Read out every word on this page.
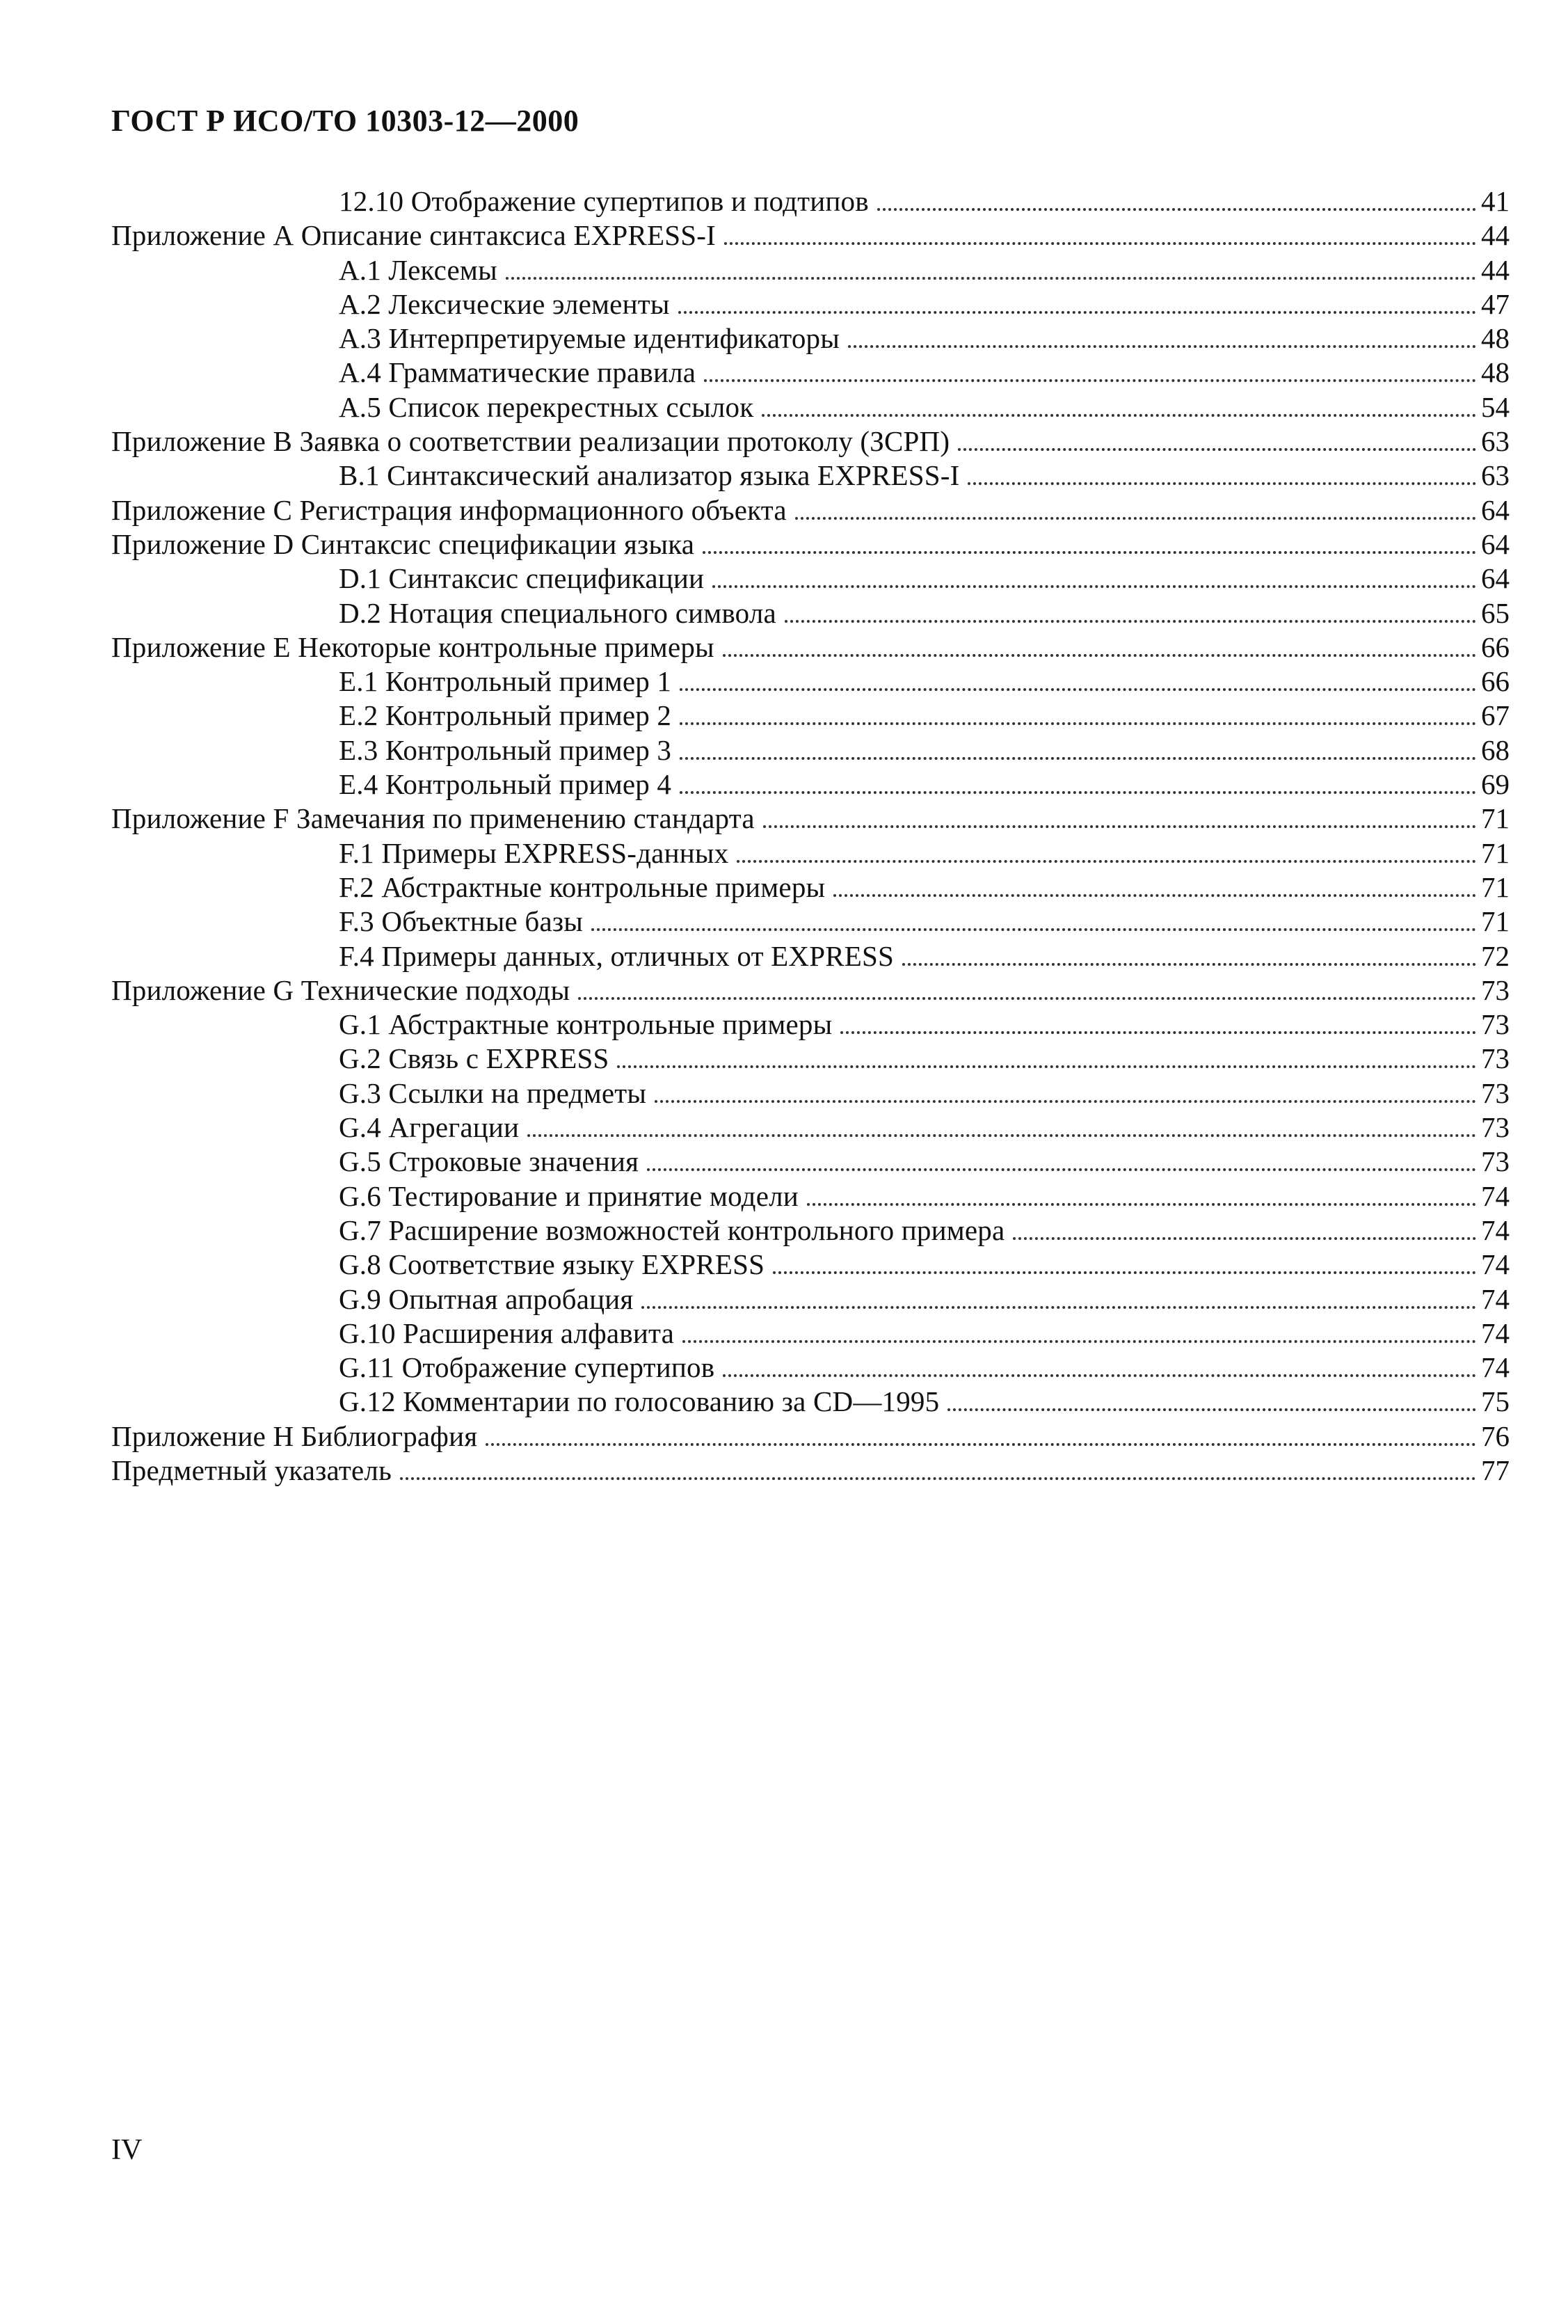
ГОСТ Р ИСО/ТО 10303-12—2000
12.10 Отображение супертипов и подтипов	41
Приложение А Описание синтаксиса EXPRESS-I	44
А.1 Лексемы	44
А.2 Лексические элементы	47
А.3 Интерпретируемые идентификаторы	48
А.4 Грамматические правила	48
А.5 Список перекрестных ссылок	54
Приложение В Заявка о соответствии реализации протоколу (ЗСРП)	63
В.1 Синтаксический анализатор языка EXPRESS-I	63
Приложение С Регистрация информационного объекта	64
Приложение D Синтаксис спецификации языка	64
D.1 Синтаксис спецификации	64
D.2 Нотация специального символа	65
Приложение Е Некоторые контрольные примеры	66
Е.1 Контрольный пример 1	66
Е.2 Контрольный пример 2	67
Е.3 Контрольный пример 3	68
Е.4 Контрольный пример 4	69
Приложение F Замечания по применению стандарта	71
F.1 Примеры EXPRESS-данных	71
F.2 Абстрактные контрольные примеры	71
F.3 Объектные базы	71
F.4 Примеры данных, отличных от EXPRESS	72
Приложение G Технические подходы	73
G.1 Абстрактные контрольные примеры	73
G.2 Связь с EXPRESS	73
G.3 Ссылки на предметы	73
G.4 Агрегации	73
G.5 Строковые значения	73
G.6 Тестирование и принятие модели	74
G.7 Расширение возможностей контрольного примера	74
G.8 Соответствие языку EXPRESS	74
G.9 Опытная апробация	74
G.10 Расширения алфавита	74
G.11 Отображение супертипов	74
G.12 Комментарии по голосованию за CD—1995	75
Приложение Н Библиография	76
Предметный указатель	77
IV
